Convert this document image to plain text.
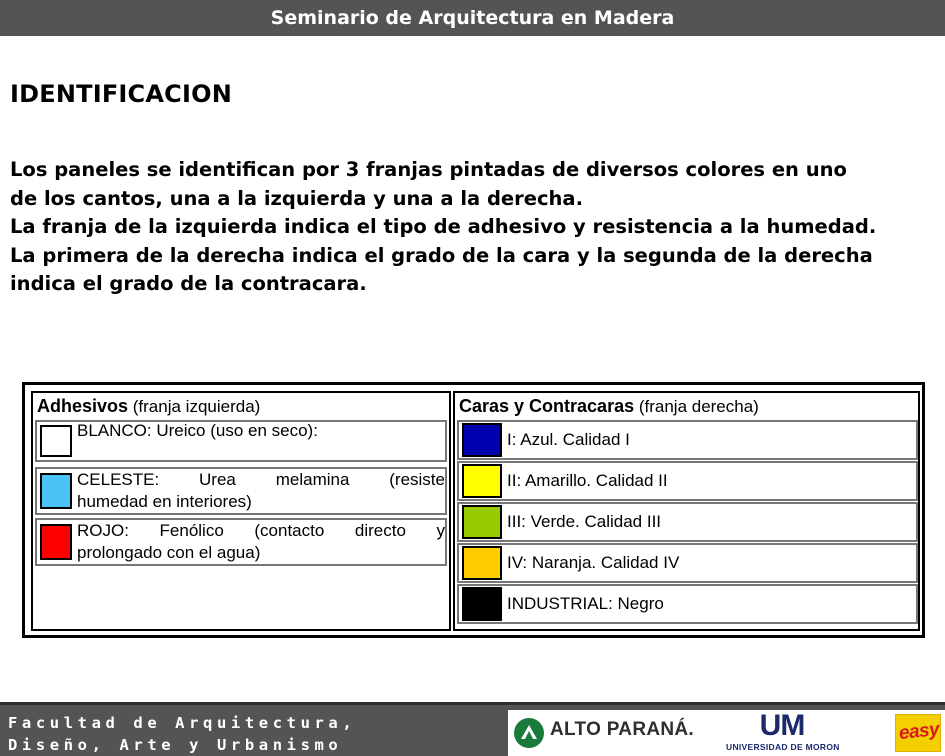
Seminario de Arquitectura en Madera
IDENTIFICACION
Los paneles se identifican por 3 franjas pintadas de diversos colores en uno
de los cantos, una a la izquierda y una a la derecha.
La franja de la izquierda indica el tipo de adhesivo y resistencia a la humedad.
La primera de la derecha indica el grado de la cara y la segunda de la derecha
indica el grado de la contracara.
Adhesivos (franja izquierda)
BLANCO: Ureico (uso en seco):
CELESTE: Urea melamina (resiste
humedad en interiores)
ROJO: Fenólico (contacto directo y
prolongado con el agua)
Caras y Contracaras (franja derecha)
I: Azul. Calidad I
II: Amarillo. Calidad II
III: Verde. Calidad III
IV: Naranja. Calidad IV
INDUSTRIAL: Negro
Facultad de Arquitectura,
Diseño, Arte y Urbanismo
ALTO PARANÁ.	UM
UNIVERSIDAD DE MORON
easy
